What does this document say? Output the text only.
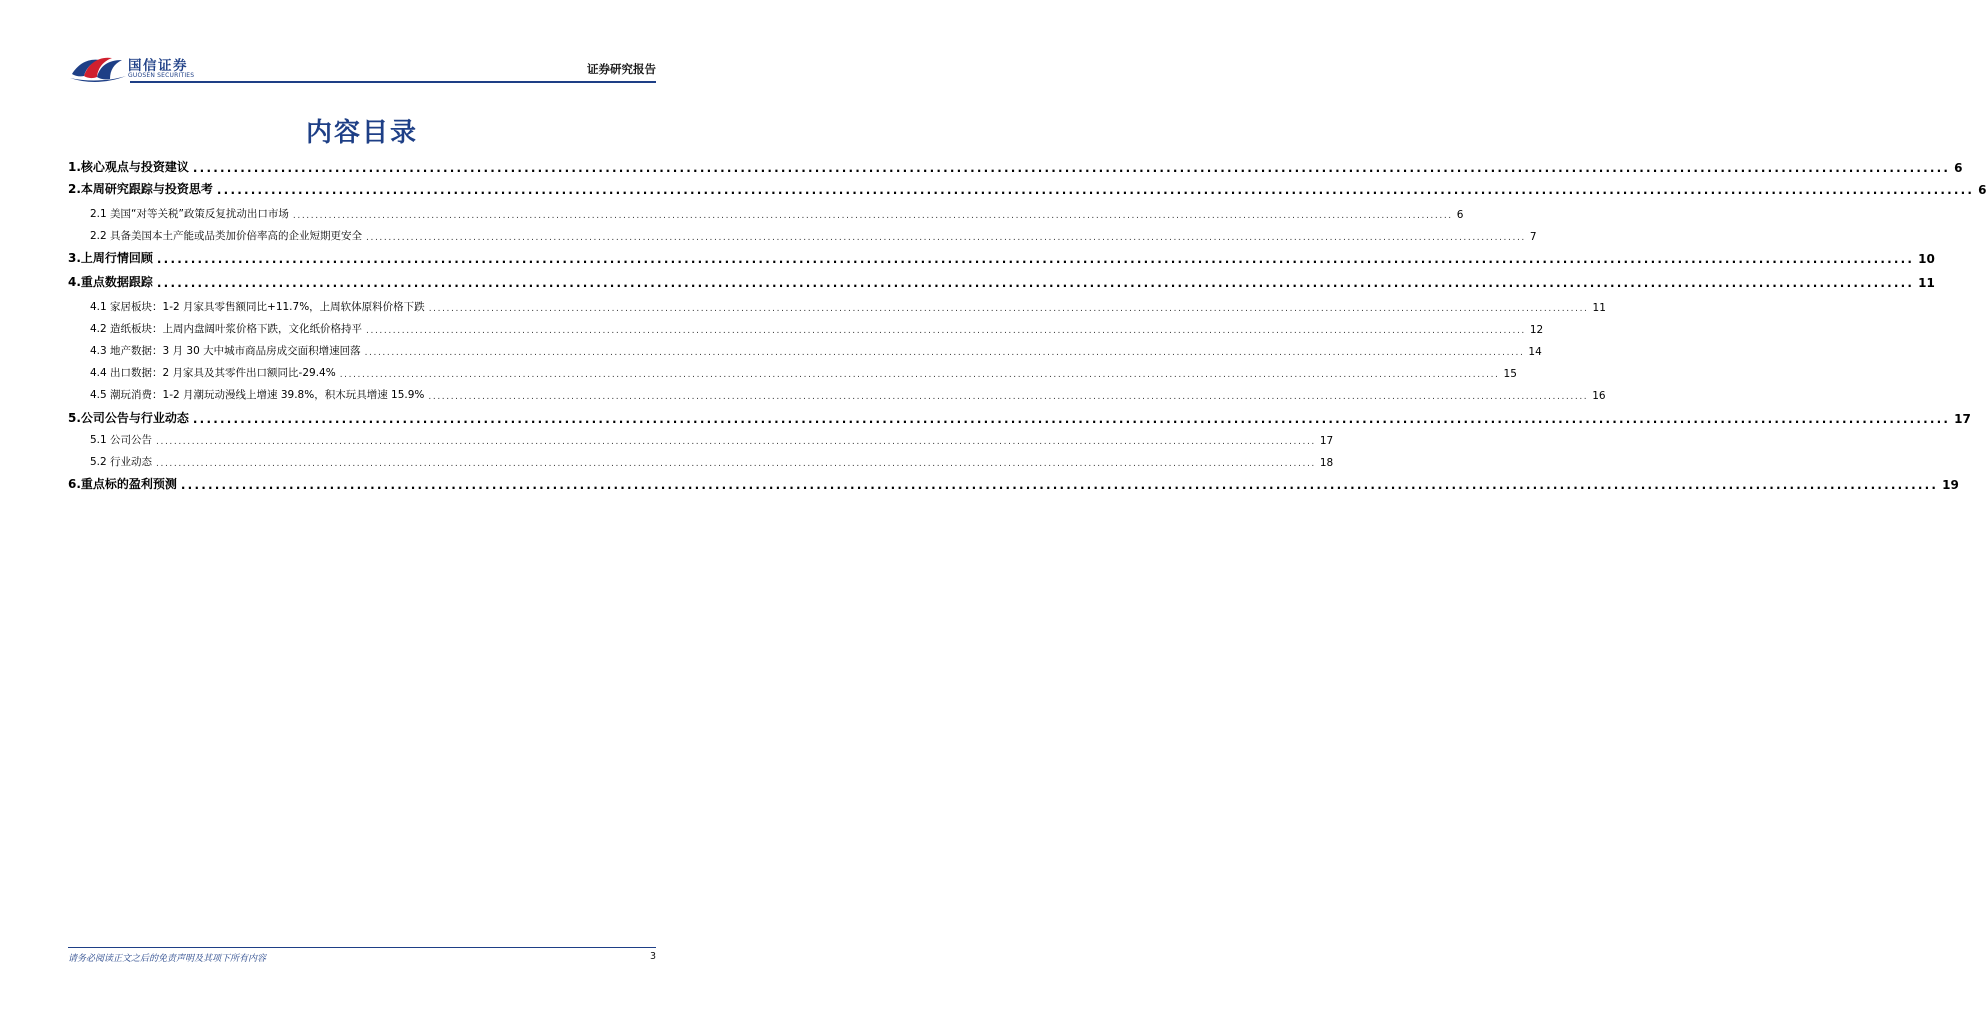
国信证券
GUOSEN SECURITIES	证券研究报告
内容目录
1.核心观点与投资建议 .................................................................................................................................................................................................................................................................... 6
2.本周研究跟踪与投资思考 .................................................................................................................................................................................................................................................................... 6
2.1 美国“对等关税”政策反复扰动出口市场 .................................................................................................................................................................................................................................................................... 6
2.2 具备美国本土产能或品类加价倍率高的企业短期更安全 .................................................................................................................................................................................................................................................................... 7
3.上周行情回顾 .................................................................................................................................................................................................................................................................... 10
4.重点数据跟踪 .................................................................................................................................................................................................................................................................... 11
4.1 家居板块：1-2 月家具零售额同比+11.7%，上周软体原料价格下跌 .................................................................................................................................................................................................................................................................... 11
4.2 造纸板块：上周内盘阔叶浆价格下跌，文化纸价格持平 .................................................................................................................................................................................................................................................................... 12
4.3 地产数据：3 月 30 大中城市商品房成交面积增速回落 .................................................................................................................................................................................................................................................................... 14
4.4 出口数据：2 月家具及其零件出口额同比-29.4% .................................................................................................................................................................................................................................................................... 15
4.5 潮玩消费：1-2 月潮玩动漫线上增速 39.8%，积木玩具增速 15.9% .................................................................................................................................................................................................................................................................... 16
5.公司公告与行业动态 .................................................................................................................................................................................................................................................................... 17
5.1 公司公告 .................................................................................................................................................................................................................................................................... 17
5.2 行业动态 .................................................................................................................................................................................................................................................................... 18
6.重点标的盈利预测 .................................................................................................................................................................................................................................................................... 19
请务必阅读正文之后的免责声明及其项下所有内容	3
